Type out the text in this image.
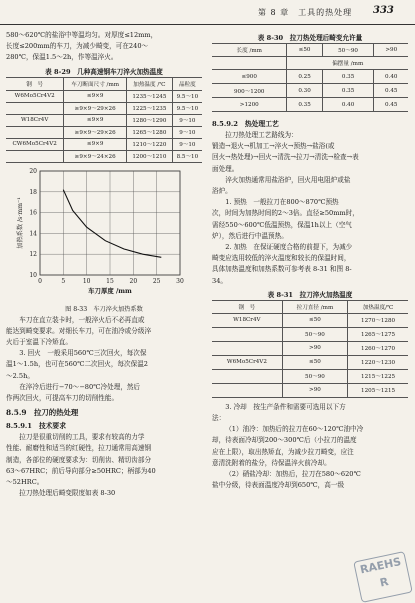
第 8 章　工具的热处理 333

580～620℃的盐浴中等温均匀。对厚度≤12mm，

长度≤200mm的车刀，为减少畸变，可在240～

280℃，保温1.5～2h，作等温淬火。

表 8-29　几种高速钢车刀淬火加热温度
钢　号	车刀断面尺寸 /mm	加热温度 /℃	晶粒度
W6Mo5Cr4V2	≤9×9	1235～1245	9.5～10
	≥9×9～29×26	1225～1235	9.5～10
W18Cr4V	≤9×9	1280～1290	9～10
	≥9×9～29×26	1265～1280	9～10
CW6Mo5Cr4V2	≤9×9	1210～1220	9～10
	≥9×9～24×26	1200～1210	8.5～10
0	5	10	15	20	25	30
10
12
14
16
18
20
车刀厚度 /mm
加热系数 /s·mm⁻¹
图 8-33　车刀淬火加热系数

车刀在直立装卡时，一般淬火后不必再直或

能达到畸变要求。对细长车刀，可在油冷或分级淬

火后于室温下冷矫直。

3. 回火　一般采用560℃三次回火，每次保

温1～1.5h，也可在560℃二次回火，每次保温2

～2.5h。

在淬冷后进行−70～−80℃冷处理，然后

作两次回火，可提高车刀的切削性能。

8.5.9　拉刀的热处理
8.5.9.1　技术要求

拉刀是很重切削的工具，要求有较高的力学

性能、耐磨性和适当的红硬性，拉刀通常用高速钢

制造，各部位的硬度要求为：切削齿、精切齿部分

63～67HRC；前后导向部分≥50HRC；柄部为40

～52HRC。

拉刀热处理后畸变限度如表 8-30

表 8-30　拉刀热处理后畸变允许量
长度 /mm	≤50	50～90	>90
	偏摆量 /mm		
≤900	0.25	0.35	0.40
900～1200	0.30	0.35	0.45
>1200	0.35	0.40	0.45
8.5.9.2　热处理工艺

拉刀热处理工艺路线为：

锻造→退火→机加工→淬火→预热→盐浴(或

回火→热处理)→回火→清洗→拉刀→清洗→检查→表

面处理。

淬火加热通常用盐浴炉，回火用电阻炉或盐

浴炉。

1. 预热　一般拉刀在800～870℃预热

次，时间为加热时间的2～3倍。直径≥50mm时，

需经550～600℃低温预热，保温1h以上（空气

炉），然后进行中温预热。

2. 加热　在保证硬度合格的前提下，为减少

畸变应选用较低的淬火温度和较长的保温时间，

具体加热温度和加热系数可参考表 8-31 和图 8-

34。

表 8-31　拉刀淬火加热温度
钢　号	拉刀直径 /mm	加热温度/℃
W18Cr4V	≤50	1270～1280
	50～90	1265～1275
	>90	1260～1270
W6Mo5Cr4V2	≤50	1220～1230
	50～90	1215～1225
	>90	1205～1215

3. 冷却　按生产条件和需要可选用以下方

法：

（1）油冷：加热后的拉刀在60～120℃油中冷

却，待表面冷却到200～300℃后（小拉刀的温度

应在上限），取出热矫直，为减少拉刀畸变，应注

意清洗附着的盐分，待保温淬火前冷却。

（2）硝盐冷却：加热后，拉刀在580～620℃

盐中分级，待表面温度冷却到650℃，高一级

RAEHS
R
